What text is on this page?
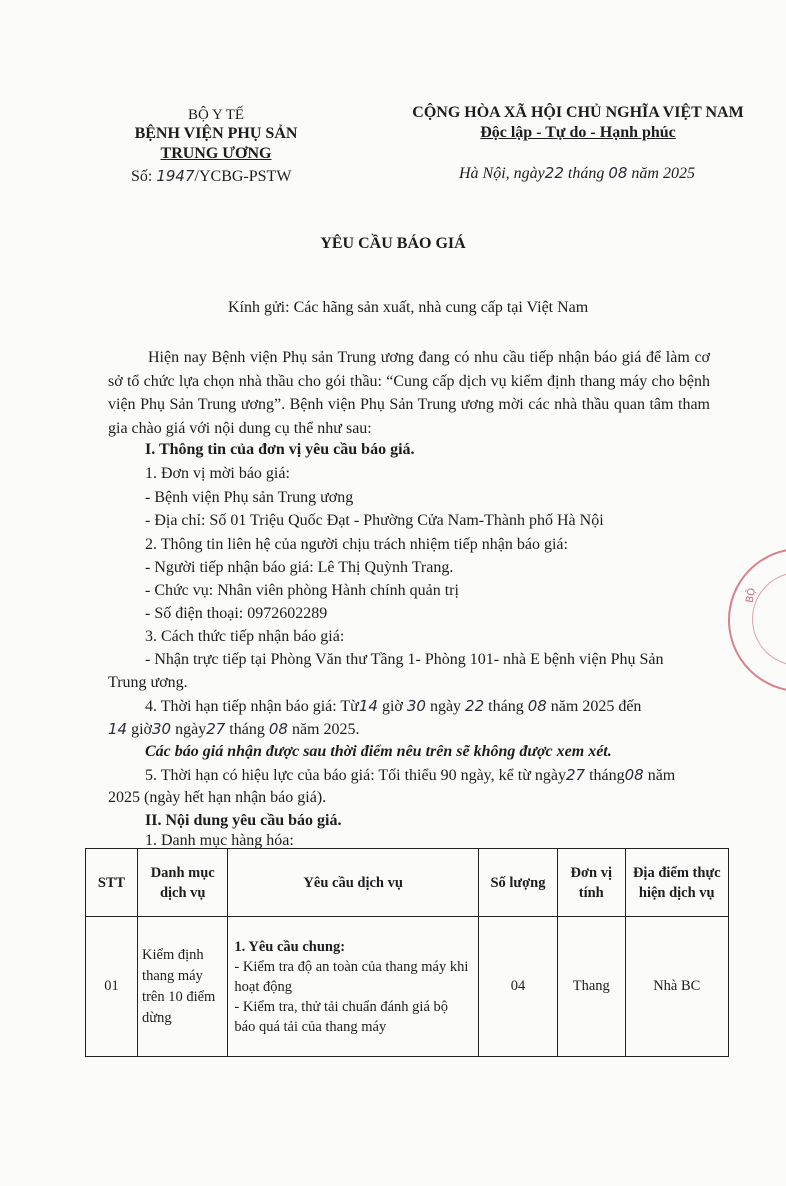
BỘ Y TẾ
BỆNH VIỆN PHỤ SẢN
TRUNG ƯƠNG
Số: 1947/YCBG-PSTW
CỘNG HÒA XÃ HỘI CHỦ NGHĨA VIỆT NAM
Độc lập - Tự do - Hạnh phúc
Hà Nội, ngày22 tháng 08 năm 2025
YÊU CẦU BÁO GIÁ
Kính gửi: Các hãng sản xuất, nhà cung cấp tại Việt Nam
Hiện nay Bệnh viện Phụ sản Trung ương đang có nhu cầu tiếp nhận báo giá để làm cơ sở tổ chức lựa chọn nhà thầu cho gói thầu: “Cung cấp dịch vụ kiểm định thang máy cho bệnh viện Phụ Sản Trung ương”. Bệnh viện Phụ Sản Trung ương mời các nhà thầu quan tâm tham gia chào giá với nội dung cụ thể như sau:
I. Thông tin của đơn vị yêu cầu báo giá.
1. Đơn vị mời báo giá:
- Bệnh viện Phụ sản Trung ương
- Địa chỉ: Số 01 Triệu Quốc Đạt - Phường Cửa Nam-Thành phố Hà Nội
2. Thông tin liên hệ của người chịu trách nhiệm tiếp nhận báo giá:
- Người tiếp nhận báo giá: Lê Thị Quỳnh Trang.
- Chức vụ: Nhân viên phòng Hành chính quản trị
- Số điện thoại: 0972602289
3. Cách thức tiếp nhận báo giá:
- Nhận trực tiếp tại Phòng Văn thư Tầng 1- Phòng 101- nhà E bệnh viện Phụ Sản
Trung ương.
4. Thời hạn tiếp nhận báo giá: Từ14 giờ 30 ngày 22 tháng 08 năm 2025 đến
14 giờ30 ngày27 tháng 08 năm 2025.
Các báo giá nhận được sau thời điểm nêu trên sẽ không được xem xét.
5. Thời hạn có hiệu lực của báo giá: Tối thiểu 90 ngày, kể từ ngày27 tháng08 năm
2025 (ngày hết hạn nhận báo giá).
II. Nội dung yêu cầu báo giá.
1. Danh mục hàng hóa:
STT	Danh mục dịch vụ	Yêu cầu dịch vụ	Số lượng	Đơn vị tính	Địa điểm thực hiện dịch vụ
01	Kiểm định thang máy trên 10 điểm dừng	1. Yêu cầu chung:
- Kiểm tra độ an toàn của thang máy khi hoạt động
- Kiểm tra, thử tải chuẩn đánh giá bộ báo quá tải của thang máy	04	Thang	Nhà BC
BỘ
